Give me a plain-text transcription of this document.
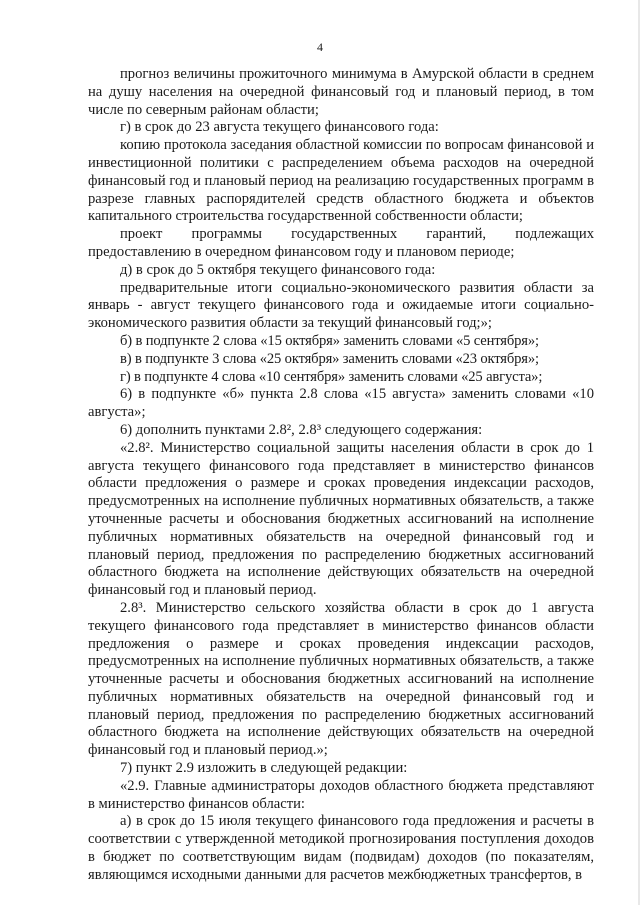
4

прогноз величины прожиточного минимума в Амурской области в среднем на душу населения на очередной финансовый год и плановый период, в том числе по северным районам области;

г) в срок до 23 августа текущего финансового года:

копию протокола заседания областной комиссии по вопросам финансовой и инвестиционной политики с распределением объема расходов на очередной финансовый год и плановый период на реализацию государственных программ в разрезе главных распорядителей средств областного бюджета и объектов капитального строительства государственной собственности области;

проект программы государственных гарантий, подлежащих предоставлению в очередном финансовом году и плановом периоде;

д) в срок до 5 октября текущего финансового года:

предварительные итоги социально-экономического развития области за январь - август текущего финансового года и ожидаемые итоги социально-экономического развития области за текущий финансовый год;»;

б) в подпункте 2 слова «15 октября» заменить словами «5 сентября»;

в) в подпункте 3 слова «25 октября» заменить словами «23 октября»;

г) в подпункте 4 слова «10 сентября» заменить словами «25 августа»;

6) в подпункте «б» пункта 2.8 слова «15 августа» заменить словами «10 августа»;

6) дополнить пунктами 2.8², 2.8³ следующего содержания:

«2.8². Министерство социальной защиты населения области в срок до 1 августа текущего финансового года представляет в министерство финансов области предложения о размере и сроках проведения индексации расходов, предусмотренных на исполнение публичных нормативных обязательств, а также уточненные расчеты и обоснования бюджетных ассигнований на исполнение публичных нормативных обязательств на очередной финансовый год и плановый период, предложения по распределению бюджетных ассигнований областного бюджета на исполнение действующих обязательств на очередной финансовый год и плановый период.

2.8³. Министерство сельского хозяйства области в срок до 1 августа текущего финансового года представляет в министерство финансов области предложения о размере и сроках проведения индексации расходов, предусмотренных на исполнение публичных нормативных обязательств, а также уточненные расчеты и обоснования бюджетных ассигнований на исполнение публичных нормативных обязательств на очередной финансовый год и плановый период, предложения по распределению бюджетных ассигнований областного бюджета на исполнение действующих обязательств на очередной финансовый год и плановый период.»;

7) пункт 2.9 изложить в следующей редакции:

«2.9. Главные администраторы доходов областного бюджета представляют в министерство финансов области:

а) в срок до 15 июля текущего финансового года предложения и расчеты в соответствии с утвержденной методикой прогнозирования поступления доходов в бюджет по соответствующим видам (подвидам) доходов (по показателям, являющимся исходными данными для расчетов межбюджетных трансфертов, в
